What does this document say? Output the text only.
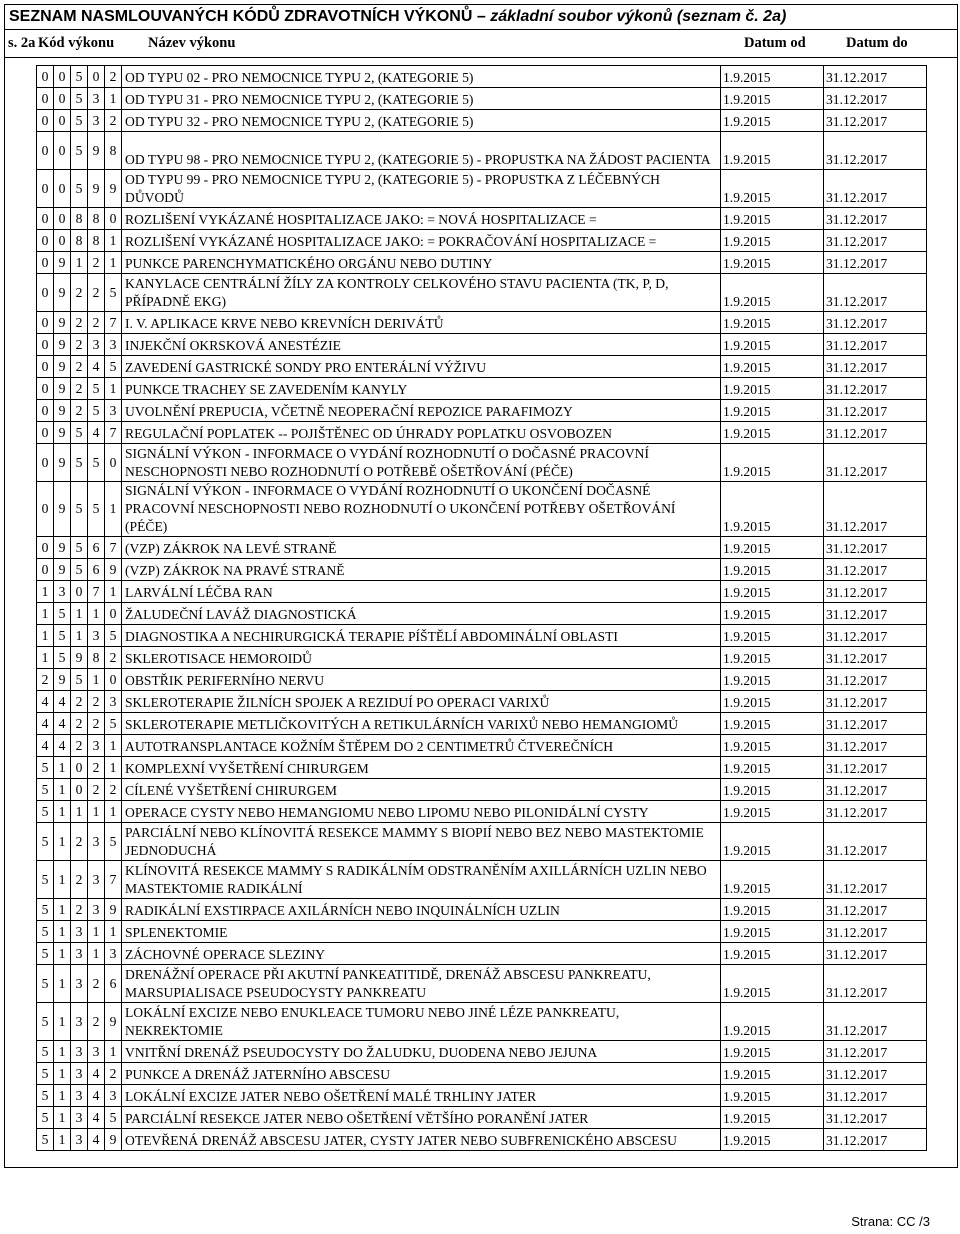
SEZNAM NASMLOUVANÝCH KÓDŮ ZDRAVOTNÍCH VÝKONŮ – základní soubor výkonů (seznam č. 2a)
s. 2a Kód výkonu Název výkonu	Datum od	Datum do
0	0	5	0	2	OD TYPU 02 - PRO NEMOCNICE TYPU 2, (KATEGORIE 5)	1.9.2015	31.12.2017
0	0	5	3	1	OD TYPU 31 - PRO NEMOCNICE TYPU 2, (KATEGORIE 5)	1.9.2015	31.12.2017
0	0	5	3	2	OD TYPU 32 - PRO NEMOCNICE TYPU 2, (KATEGORIE 5)	1.9.2015	31.12.2017
0	0	5	9	8	OD TYPU 98 - PRO NEMOCNICE TYPU 2, (KATEGORIE 5) - PROPUSTKA NA ŽÁDOST PACIENTA	1.9.2015	31.12.2017
0	0	5	9	9	OD TYPU 99 - PRO NEMOCNICE TYPU 2, (KATEGORIE 5) - PROPUSTKA Z LÉČEBNÝCH DŮVODŮ	1.9.2015	31.12.2017
0	0	8	8	0	ROZLIŠENÍ VYKÁZANÉ HOSPITALIZACE JAKO: = NOVÁ HOSPITALIZACE =	1.9.2015	31.12.2017
0	0	8	8	1	ROZLIŠENÍ VYKÁZANÉ HOSPITALIZACE JAKO: = POKRAČOVÁNÍ HOSPITALIZACE =	1.9.2015	31.12.2017
0	9	1	2	1	PUNKCE PARENCHYMATICKÉHO ORGÁNU NEBO DUTINY	1.9.2015	31.12.2017
0	9	2	2	5	KANYLACE CENTRÁLNÍ ŽÍLY ZA KONTROLY CELKOVÉHO STAVU PACIENTA (TK, P, D, PŘÍPADNĚ EKG)	1.9.2015	31.12.2017
0	9	2	2	7	I. V. APLIKACE KRVE NEBO KREVNÍCH DERIVÁTŮ	1.9.2015	31.12.2017
0	9	2	3	3	INJEKČNÍ OKRSKOVÁ ANESTÉZIE	1.9.2015	31.12.2017
0	9	2	4	5	ZAVEDENÍ GASTRICKÉ SONDY PRO ENTERÁLNÍ VÝŽIVU	1.9.2015	31.12.2017
0	9	2	5	1	PUNKCE TRACHEY SE ZAVEDENÍM KANYLY	1.9.2015	31.12.2017
0	9	2	5	3	UVOLNĚNÍ PREPUCIA, VČETNĚ NEOPERAČNÍ REPOZICE PARAFIMOZY	1.9.2015	31.12.2017
0	9	5	4	7	REGULAČNÍ POPLATEK -- POJIŠTĚNEC OD ÚHRADY POPLATKU OSVOBOZEN	1.9.2015	31.12.2017
0	9	5	5	0	SIGNÁLNÍ VÝKON - INFORMACE O VYDÁNÍ ROZHODNUTÍ O DOČASNÉ PRACOVNÍ NESCHOPNOSTI NEBO ROZHODNUTÍ O POTŘEBĚ OŠETŘOVÁNÍ (PÉČE)	1.9.2015	31.12.2017
0	9	5	5	1	SIGNÁLNÍ VÝKON - INFORMACE O VYDÁNÍ ROZHODNUTÍ O UKONČENÍ DOČASNÉ PRACOVNÍ NESCHOPNOSTI NEBO ROZHODNUTÍ O UKONČENÍ POTŘEBY OŠETŘOVÁNÍ (PÉČE)	1.9.2015	31.12.2017
0	9	5	6	7	(VZP) ZÁKROK NA LEVÉ STRANĚ	1.9.2015	31.12.2017
0	9	5	6	9	(VZP) ZÁKROK NA PRAVÉ STRANĚ	1.9.2015	31.12.2017
1	3	0	7	1	LARVÁLNÍ LÉČBA RAN	1.9.2015	31.12.2017
1	5	1	1	0	ŽALUDEČNÍ LAVÁŽ DIAGNOSTICKÁ	1.9.2015	31.12.2017
1	5	1	3	5	DIAGNOSTIKA A NECHIRURGICKÁ TERAPIE PÍŠTĚLÍ ABDOMINÁLNÍ OBLASTI	1.9.2015	31.12.2017
1	5	9	8	2	SKLEROTISACE HEMOROIDŮ	1.9.2015	31.12.2017
2	9	5	1	0	OBSTŘIK PERIFERNÍHO NERVU	1.9.2015	31.12.2017
4	4	2	2	3	SKLEROTERAPIE ŽILNÍCH SPOJEK A REZIDUÍ PO OPERACI VARIXŮ	1.9.2015	31.12.2017
4	4	2	2	5	SKLEROTERAPIE METLIČKOVITÝCH A RETIKULÁRNÍCH VARIXŮ NEBO HEMANGIOMŮ	1.9.2015	31.12.2017
4	4	2	3	1	AUTOTRANSPLANTACE KOŽNÍM ŠTĚPEM DO 2 CENTIMETRŮ ČTVEREČNÍCH	1.9.2015	31.12.2017
5	1	0	2	1	KOMPLEXNÍ VYŠETŘENÍ CHIRURGEM	1.9.2015	31.12.2017
5	1	0	2	2	CÍLENÉ VYŠETŘENÍ CHIRURGEM	1.9.2015	31.12.2017
5	1	1	1	1	OPERACE CYSTY NEBO HEMANGIOMU NEBO LIPOMU NEBO PILONIDÁLNÍ CYSTY	1.9.2015	31.12.2017
5	1	2	3	5	PARCIÁLNÍ NEBO KLÍNOVITÁ RESEKCE MAMMY S BIOPIÍ NEBO BEZ NEBO MASTEKTOMIE JEDNODUCHÁ	1.9.2015	31.12.2017
5	1	2	3	7	KLÍNOVITÁ RESEKCE MAMMY S RADIKÁLNÍM ODSTRANĚNÍM AXILLÁRNÍCH UZLIN NEBO MASTEKTOMIE RADIKÁLNÍ	1.9.2015	31.12.2017
5	1	2	3	9	RADIKÁLNÍ EXSTIRPACE AXILÁRNÍCH NEBO INQUINÁLNÍCH UZLIN	1.9.2015	31.12.2017
5	1	3	1	1	SPLENEKTOMIE	1.9.2015	31.12.2017
5	1	3	1	3	ZÁCHOVNÉ OPERACE SLEZINY	1.9.2015	31.12.2017
5	1	3	2	6	DRENÁŽNÍ OPERACE PŘI AKUTNÍ PANKEATITIDĚ, DRENÁŽ ABSCESU PANKREATU, MARSUPIALISACE PSEUDOCYSTY PANKREATU	1.9.2015	31.12.2017
5	1	3	2	9	LOKÁLNÍ EXCIZE NEBO ENUKLEACE TUMORU NEBO JINÉ LÉZE PANKREATU, NEKREKTOMIE	1.9.2015	31.12.2017
5	1	3	3	1	VNITŘNÍ DRENÁŽ PSEUDOCYSTY DO ŽALUDKU, DUODENA NEBO JEJUNA	1.9.2015	31.12.2017
5	1	3	4	2	PUNKCE A DRENÁŽ JATERNÍHO ABSCESU	1.9.2015	31.12.2017
5	1	3	4	3	LOKÁLNÍ EXCIZE JATER NEBO OŠETŘENÍ MALÉ TRHLINY JATER	1.9.2015	31.12.2017
5	1	3	4	5	PARCIÁLNÍ RESEKCE JATER NEBO OŠETŘENÍ VĚTŠÍHO PORANĚNÍ JATER	1.9.2015	31.12.2017
5	1	3	4	9	OTEVŘENÁ DRENÁŽ ABSCESU JATER, CYSTY JATER NEBO SUBFRENICKÉHO ABSCESU	1.9.2015	31.12.2017
Strana: CC /3
